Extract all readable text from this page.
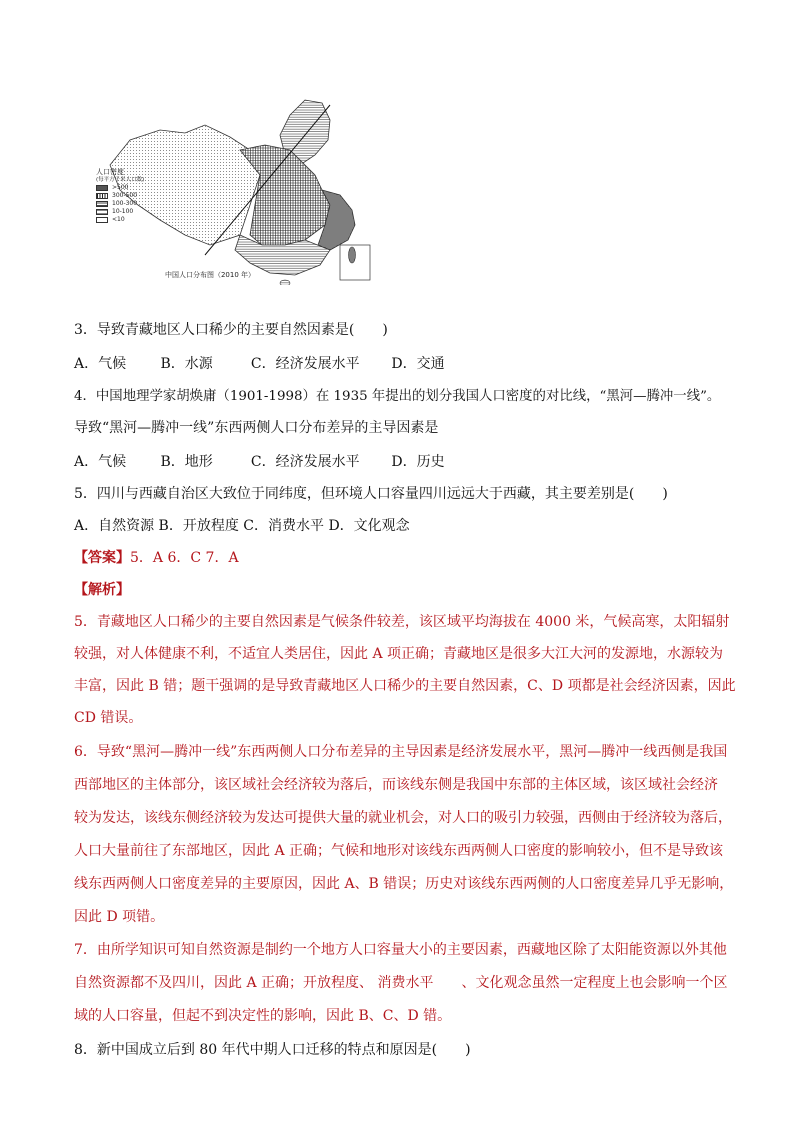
人口密度
(每平方千米人口数)
>500
300-500
100-300
10-100
<10
中国人口分布图（2010 年）
3．导致青藏地区人口稀少的主要自然因素是(　　)
A．气候 B．水源	C．经济发展水平 D．交通
4．中国地理学家胡焕庸（1901-1998）在 1935 年提出的划分我国人口密度的对比线，“黑河—腾冲一线”。
导致“黑河—腾冲一线”东西两侧人口分布差异的主导因素是
A．气候 B．地形	C．经济发展水平 D．历史
5．四川与西藏自治区大致位于同纬度，但环境人口容量四川远远大于西藏，其主要差别是(　　)
A．自然资源 B．开放程度 C．消费水平 D．文化观念
【答案】5．A 6．C 7．A
【解析】
5．青藏地区人口稀少的主要自然因素是气候条件较差，该区域平均海拔在 4000 米，气候高寒，太阳辐射
较强，对人体健康不利，不适宜人类居住，因此 A 项正确；青藏地区是很多大江大河的发源地，水源较为
丰富，因此 B 错；题干强调的是导致青藏地区人口稀少的主要自然因素，C、D 项都是社会经济因素，因此
CD 错误。
6．导致“黑河—腾冲一线”东西两侧人口分布差异的主导因素是经济发展水平，黑河—腾冲一线西侧是我国
西部地区的主体部分，该区域社会经济较为落后，而该线东侧是我国中东部的主体区域，该区域社会经济
较为发达，该线东侧经济较为发达可提供大量的就业机会，对人口的吸引力较强，西侧由于经济较为落后，
人口大量前往了东部地区，因此 A 正确；气候和地形对该线东西两侧人口密度的影响较小，但不是导致该
线东西两侧人口密度差异的主要原因，因此 A、B 错误；历史对该线东西两侧的人口密度差异几乎无影响，
因此 D 项错。
7．由所学知识可知自然资源是制约一个地方人口容量大小的主要因素，西藏地区除了太阳能资源以外其他
自然资源都不及四川，因此 A 正确；开放程度、 消费水平　　、文化观念虽然一定程度上也会影响一个区
域的人口容量，但起不到决定性的影响，因此 B、C、D 错。
8．新中国成立后到 80 年代中期人口迁移的特点和原因是(　　)
